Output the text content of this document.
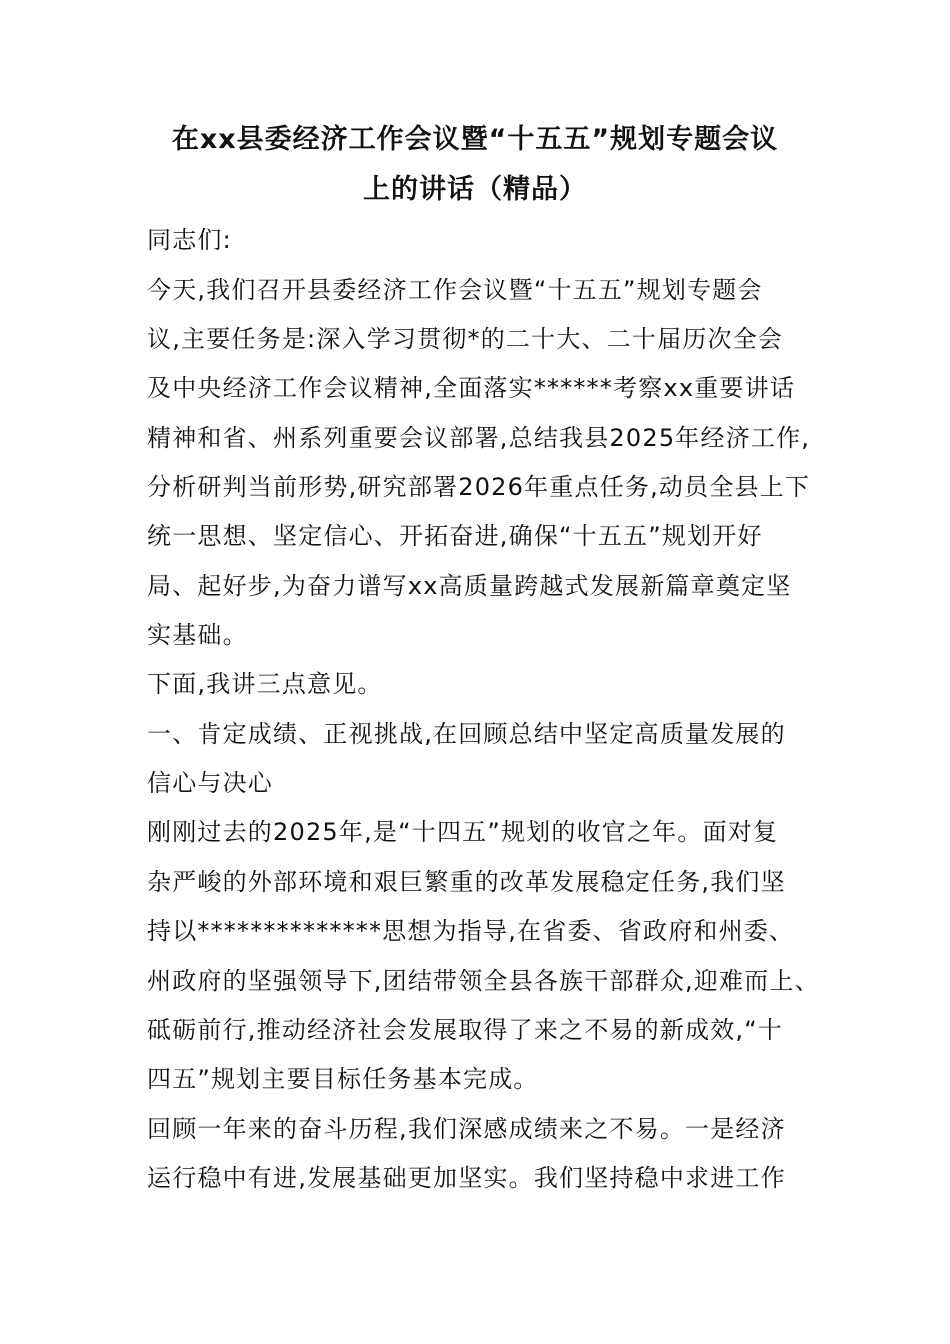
在xx县委经济工作会议暨“十五五”规划专题会议
上的讲话（精品）
同志们:
今天,我们召开县委经济工作会议暨“十五五”规划专题会
议,主要任务是:深入学习贯彻*的二十大、二十届历次全会
及中央经济工作会议精神,全面落实******考察xx重要讲话
精神和省、州系列重要会议部署,总结我县2025年经济工作,
分析研判当前形势,研究部署2026年重点任务,动员全县上下
统一思想、坚定信心、开拓奋进,确保“十五五”规划开好
局、起好步,为奋力谱写xx高质量跨越式发展新篇章奠定坚
实基础。
下面,我讲三点意见。
一、肯定成绩、正视挑战,在回顾总结中坚定高质量发展的
信心与决心
刚刚过去的2025年,是“十四五”规划的收官之年。面对复
杂严峻的外部环境和艰巨繁重的改革发展稳定任务,我们坚
持以**************思想为指导,在省委、省政府和州委、
州政府的坚强领导下,团结带领全县各族干部群众,迎难而上、
砥砺前行,推动经济社会发展取得了来之不易的新成效,“十
四五”规划主要目标任务基本完成。
回顾一年来的奋斗历程,我们深感成绩来之不易。一是经济
运行稳中有进,发展基础更加坚实。我们坚持稳中求进工作
